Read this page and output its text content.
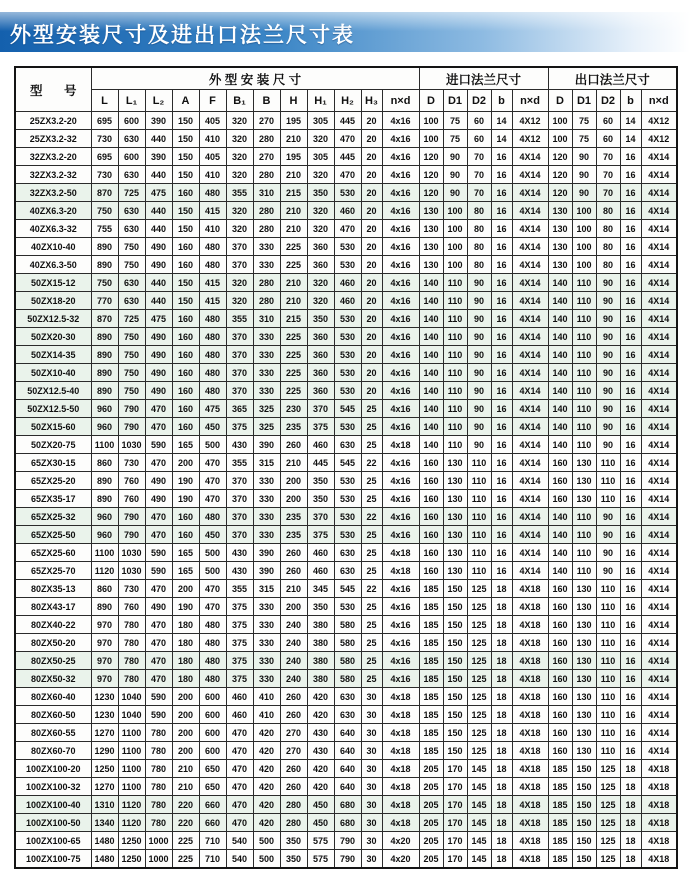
外型安装尺寸及进出口法兰尺寸表
型 号	外 型 安 装 尺 寸												进口法兰尺寸					出口法兰尺寸				
	L	L₁	L₂	A	F	B₁	B	H	H₁	H₂	H₃	n×d	D	D1	D2	b	n×d	D	D1	D2	b	n×d
25ZX3.2-20	695	600	390	150	405	320	270	195	305	445	20	4x16	100	75	60	14	4X12	100	75	60	14	4X12
25ZX3.2-32	730	630	440	150	410	320	280	210	320	470	20	4x16	100	75	60	14	4X12	100	75	60	14	4X12
32ZX3.2-20	695	600	390	150	405	320	270	195	305	445	20	4x16	120	90	70	16	4X14	120	90	70	16	4X14
32ZX3.2-32	730	630	440	150	410	320	280	210	320	470	20	4x16	120	90	70	16	4X14	120	90	70	16	4X14
32ZX3.2-50	870	725	475	160	480	355	310	215	350	530	20	4x16	120	90	70	16	4X14	120	90	70	16	4X14
40ZX6.3-20	750	630	440	150	415	320	280	210	320	460	20	4x16	130	100	80	16	4X14	130	100	80	16	4X14
40ZX6.3-32	755	630	440	150	410	320	280	210	320	470	20	4x16	130	100	80	16	4X14	130	100	80	16	4X14
40ZX10-40	890	750	490	160	480	370	330	225	360	530	20	4x16	130	100	80	16	4X14	130	100	80	16	4X14
40ZX6.3-50	890	750	490	160	480	370	330	225	360	530	20	4x16	130	100	80	16	4X14	130	100	80	16	4X14
50ZX15-12	750	630	440	150	415	320	280	210	320	460	20	4x16	140	110	90	16	4X14	140	110	90	16	4X14
50ZX18-20	770	630	440	150	415	320	280	210	320	460	20	4x16	140	110	90	16	4X14	140	110	90	16	4X14
50ZX12.5-32	870	725	475	160	480	355	310	215	350	530	20	4x16	140	110	90	16	4X14	140	110	90	16	4X14
50ZX20-30	890	750	490	160	480	370	330	225	360	530	20	4x16	140	110	90	16	4X14	140	110	90	16	4X14
50ZX14-35	890	750	490	160	480	370	330	225	360	530	20	4x16	140	110	90	16	4X14	140	110	90	16	4X14
50ZX10-40	890	750	490	160	480	370	330	225	360	530	20	4x16	140	110	90	16	4X14	140	110	90	16	4X14
50ZX12.5-40	890	750	490	160	480	370	330	225	360	530	20	4x16	140	110	90	16	4X14	140	110	90	16	4X14
50ZX12.5-50	960	790	470	160	475	365	325	230	370	545	25	4x16	140	110	90	16	4X14	140	110	90	16	4X14
50ZX15-60	960	790	470	160	450	375	325	235	375	530	25	4x16	140	110	90	16	4X14	140	110	90	16	4X14
50ZX20-75	1100	1030	590	165	500	430	390	260	460	630	25	4x18	140	110	90	16	4X14	140	110	90	16	4X14
65ZX30-15	860	730	470	200	470	355	315	210	445	545	22	4x16	160	130	110	16	4X14	160	130	110	16	4X14
65ZX25-20	890	760	490	190	470	370	330	200	350	530	25	4x16	160	130	110	16	4X14	160	130	110	16	4X14
65ZX35-17	890	760	490	190	470	370	330	200	350	530	25	4x16	160	130	110	16	4X14	160	130	110	16	4X14
65ZX25-32	960	790	470	160	480	370	330	235	370	530	22	4x16	160	130	110	16	4X14	140	110	90	16	4X14
65ZX25-50	960	790	470	160	450	370	330	235	375	530	25	4x16	160	130	110	16	4X14	140	110	90	16	4X14
65ZX25-60	1100	1030	590	165	500	430	390	260	460	630	25	4x18	160	130	110	16	4X14	140	110	90	16	4X14
65ZX25-70	1120	1030	590	165	500	430	390	260	460	630	25	4x18	160	130	110	16	4X14	140	110	90	16	4X14
80ZX35-13	860	730	470	200	470	355	315	210	345	545	22	4x16	185	150	125	18	4X18	160	130	110	16	4X14
80ZX43-17	890	760	490	190	470	375	330	200	350	530	25	4x16	185	150	125	18	4X18	160	130	110	16	4X14
80ZX40-22	970	780	470	180	480	375	330	240	380	580	25	4x16	185	150	125	18	4X18	160	130	110	16	4X14
80ZX50-20	970	780	470	180	480	375	330	240	380	580	25	4x16	185	150	125	18	4X18	160	130	110	16	4X14
80ZX50-25	970	780	470	180	480	375	330	240	380	580	25	4x16	185	150	125	18	4X18	160	130	110	16	4X14
80ZX50-32	970	780	470	180	480	375	330	240	380	580	25	4x16	185	150	125	18	4X18	160	130	110	16	4X14
80ZX60-40	1230	1040	590	200	600	460	410	260	420	630	30	4x18	185	150	125	18	4X18	160	130	110	16	4X14
80ZX60-50	1230	1040	590	200	600	460	410	260	420	630	30	4x18	185	150	125	18	4X18	160	130	110	16	4X14
80ZX60-55	1270	1100	780	200	600	470	420	270	430	640	30	4x18	185	150	125	18	4X18	160	130	110	16	4X14
80ZX60-70	1290	1100	780	200	600	470	420	270	430	640	30	4x18	185	150	125	18	4X18	160	130	110	16	4X14
100ZX100-20	1250	1100	780	210	650	470	420	260	420	640	30	4x18	205	170	145	18	4X18	185	150	125	18	4X18
100ZX100-32	1270	1100	780	210	650	470	420	260	420	640	30	4x18	205	170	145	18	4X18	185	150	125	18	4X18
100ZX100-40	1310	1120	780	220	660	470	420	280	450	680	30	4x18	205	170	145	18	4X18	185	150	125	18	4X18
100ZX100-50	1340	1120	780	220	660	470	420	280	450	680	30	4x18	205	170	145	18	4X18	185	150	125	18	4X18
100ZX100-65	1480	1250	1000	225	710	540	500	350	575	790	30	4x20	205	170	145	18	4X18	185	150	125	18	4X18
100ZX100-75	1480	1250	1000	225	710	540	500	350	575	790	30	4x20	205	170	145	18	4X18	185	150	125	18	4X18
